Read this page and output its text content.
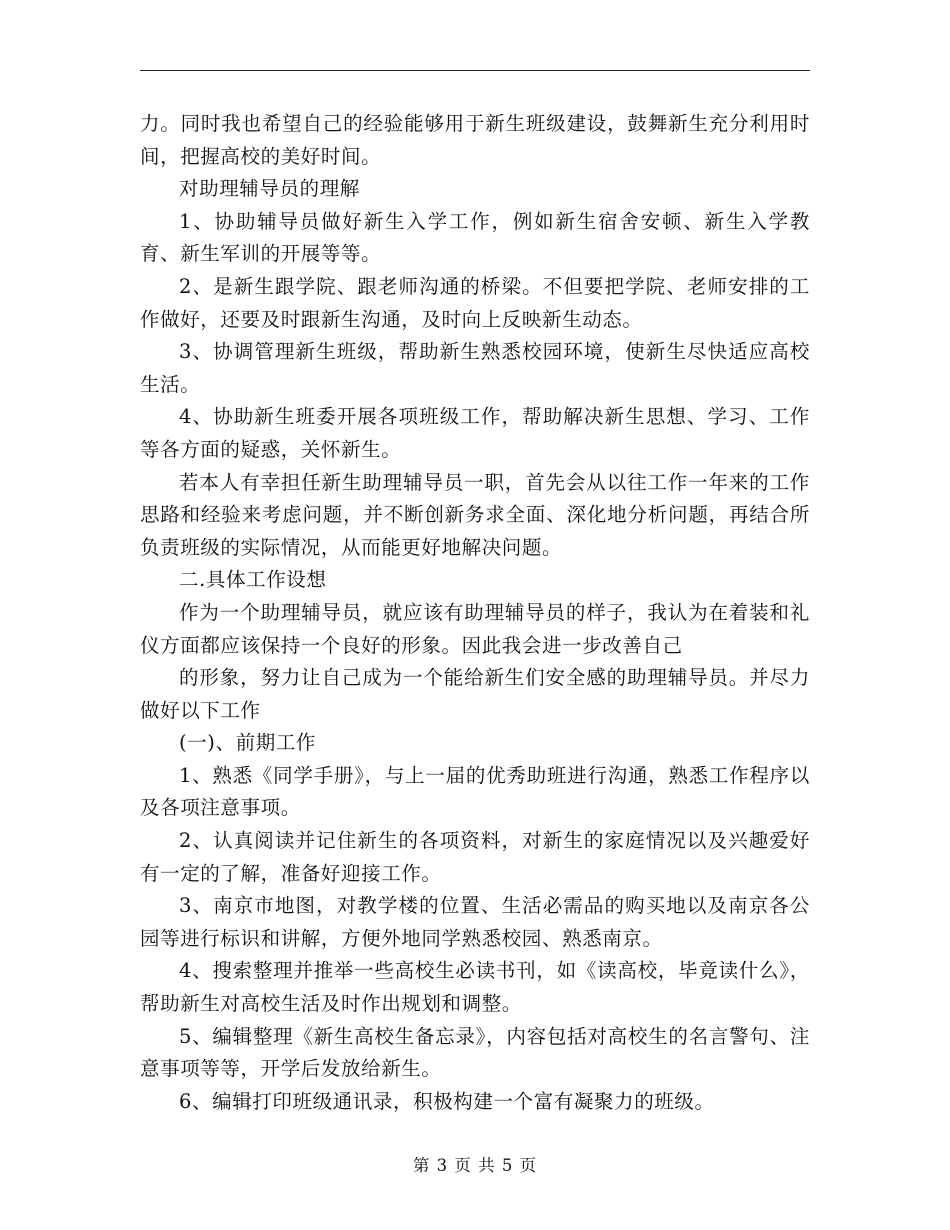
力。同时我也希望自己的经验能够用于新生班级建设，鼓舞新生充分利用时间，把握高校的美好时间。

对助理辅导员的理解

1、协助辅导员做好新生入学工作，例如新生宿舍安顿、新生入学教育、新生军训的开展等等。

2、是新生跟学院、跟老师沟通的桥梁。不但要把学院、老师安排的工作做好，还要及时跟新生沟通，及时向上反映新生动态。

3、协调管理新生班级，帮助新生熟悉校园环境，使新生尽快适应高校生活。

4、协助新生班委开展各项班级工作，帮助解决新生思想、学习、工作等各方面的疑惑，关怀新生。

若本人有幸担任新生助理辅导员一职，首先会从以往工作一年来的工作思路和经验来考虑问题，并不断创新务求全面、深化地分析问题，再结合所负责班级的实际情况，从而能更好地解决问题。

二.具体工作设想

作为一个助理辅导员，就应该有助理辅导员的样子，我认为在着装和礼仪方面都应该保持一个良好的形象。因此我会进一步改善自己

的形象，努力让自己成为一个能给新生们安全感的助理辅导员。并尽力做好以下工作

(一)、前期工作

1、熟悉《同学手册》，与上一届的优秀助班进行沟通，熟悉工作程序以及各项注意事项。

2、认真阅读并记住新生的各项资料，对新生的家庭情况以及兴趣爱好有一定的了解，准备好迎接工作。

3、南京市地图，对教学楼的位置、生活必需品的购买地以及南京各公园等进行标识和讲解，方便外地同学熟悉校园、熟悉南京。

4、搜索整理并推举一些高校生必读书刊，如《读高校，毕竟读什么》，帮助新生对高校生活及时作出规划和调整。

5、编辑整理《新生高校生备忘录》，内容包括对高校生的名言警句、注意事项等等，开学后发放给新生。

6、编辑打印班级通讯录，积极构建一个富有凝聚力的班级。

第 3 页 共 5 页
